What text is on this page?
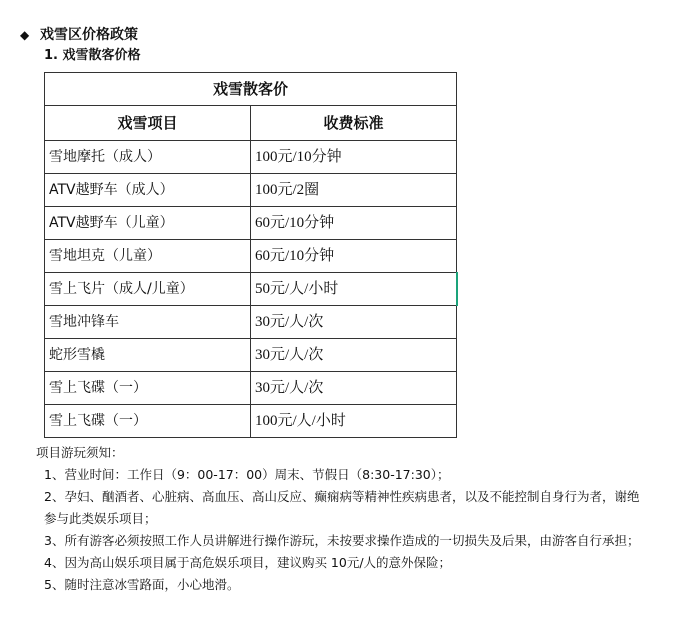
◆ 戏雪区价格政策
1. 戏雪散客价格
戏雪散客价	
戏雪项目	收费标准
雪地摩托（成人）	100元/10分钟
ATV越野车（成人）	100元/2圈
ATV越野车（儿童）	60元/10分钟
雪地坦克（儿童）	60元/10分钟
雪上飞片（成人/儿童）	50元/人/小时
雪地冲锋车	30元/人/次
蛇形雪橇	30元/人/次
雪上飞碟（一）	30元/人/次
雪上飞碟（一）	100元/人/小时
项目游玩须知：
1、营业时间：工作日（9：00-17：00）周末、节假日（8:30-17:30）；
2、孕妇、酗酒者、心脏病、高血压、高山反应、癫痫病等精神性疾病患者，以及不能控制自身行为者，谢绝参与此类娱乐项目；
3、所有游客必须按照工作人员讲解进行操作游玩，未按要求操作造成的一切损失及后果，由游客自行承担；
4、因为高山娱乐项目属于高危娱乐项目，建议购买 10元/人的意外保险；
5、随时注意冰雪路面，小心地滑。
